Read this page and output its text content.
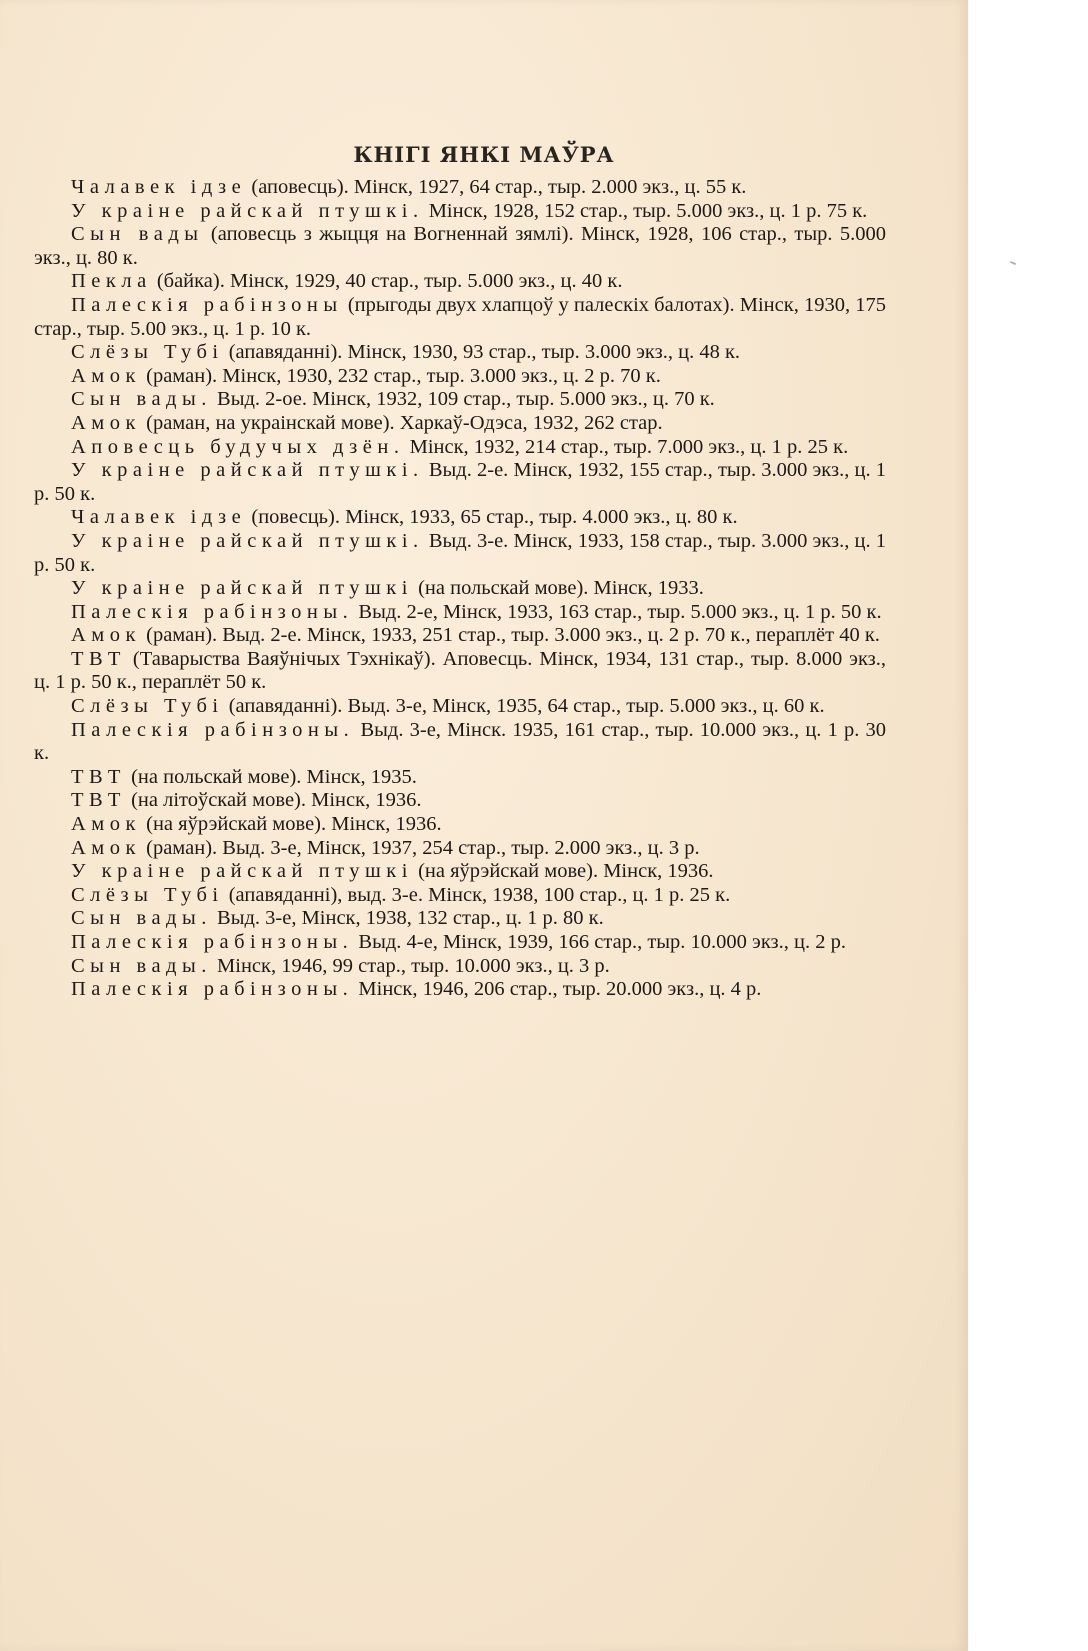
КНІГІ ЯНКІ МАЎРА

Чалавек ідзе (аповесць). Мінск, 1927, 64 стар., тыр. 2.000 экз., ц. 55 к.

У краіне райскай птушкі. Мінск, 1928, 152 стар., тыр. 5.000 экз., ц. 1 р. 75 к.

Сын вады (аповесць з жыцця на Вогненнай зямлі). Мінск, 1928, 106 стар., тыр. 5.000 экз., ц. 80 к.

Пекла (байка). Мінск, 1929, 40 стар., тыр. 5.000 экз., ц. 40 к.

Палескія рабінзоны (прыгоды двух хлапцоў у палескіх балотах). Мінск, 1930, 175 стар., тыр. 5.00 экз., ц. 1 р. 10 к.

Слёзы Тубі (апавяданні). Мінск, 1930, 93 стар., тыр. 3.000 экз., ц. 48 к.

Амок (раман). Мінск, 1930, 232 стар., тыр. 3.000 экз., ц. 2 р. 70 к.

Сын вады. Выд. 2-ое. Мінск, 1932, 109 стар., тыр. 5.000 экз., ц. 70 к.

Амок (раман, на украінскай мове). Харкаў-Одэса, 1932, 262 стар.

Аповесць будучых дзён. Мінск, 1932, 214 стар., тыр. 7.000 экз., ц. 1 р. 25 к.

У краіне райскай птушкі. Выд. 2-е. Мінск, 1932, 155 стар., тыр. 3.000 экз., ц. 1 р. 50 к.

Чалавек ідзе (повесць). Мінск, 1933, 65 стар., тыр. 4.000 экз., ц. 80 к.

У краіне райскай птушкі. Выд. 3-е. Мінск, 1933, 158 стар., тыр. 3.000 экз., ц. 1 р. 50 к.

У краіне райскай птушкі (на польскай мове). Мінск, 1933.

Палескія рабінзоны. Выд. 2-е, Мінск, 1933, 163 стар., тыр. 5.000 экз., ц. 1 р. 50 к.

Амок (раман). Выд. 2-е. Мінск, 1933, 251 стар., тыр. 3.000 экз., ц. 2 р. 70 к., пераплёт 40 к.

ТВТ (Таварыства Ваяўнічых Тэхнікаў). Аповесць. Мінск, 1934, 131 стар., тыр. 8.000 экз., ц. 1 р. 50 к., пераплёт 50 к.

Слёзы Тубі (апавяданні). Выд. 3-е, Мінск, 1935, 64 стар., тыр. 5.000 экз., ц. 60 к.

Палескія рабінзоны. Выд. 3-е, Мінск. 1935, 161 стар., тыр. 10.000 экз., ц. 1 р. 30 к.

ТВТ (на польскай мове). Мінск, 1935.

ТВТ (на літоўскай мове). Мінск, 1936.

Амок (на яўрэйскай мове). Мінск, 1936.

Амок (раман). Выд. 3-е, Мінск, 1937, 254 стар., тыр. 2.000 экз., ц. 3 р.

У краіне райскай птушкі (на яўрэйскай мове). Мінск, 1936.

Слёзы Тубі (апавяданні), выд. 3-е. Мінск, 1938, 100 стар., ц. 1 р. 25 к.

Сын вады. Выд. 3-е, Мінск, 1938, 132 стар., ц. 1 р. 80 к.

Палескія рабінзоны. Выд. 4-е, Мінск, 1939, 166 стар., тыр. 10.000 экз., ц. 2 р.

Сын вады. Мінск, 1946, 99 стар., тыр. 10.000 экз., ц. 3 р.

Палескія рабінзоны. Мінск, 1946, 206 стар., тыр. 20.000 экз., ц. 4 р.
